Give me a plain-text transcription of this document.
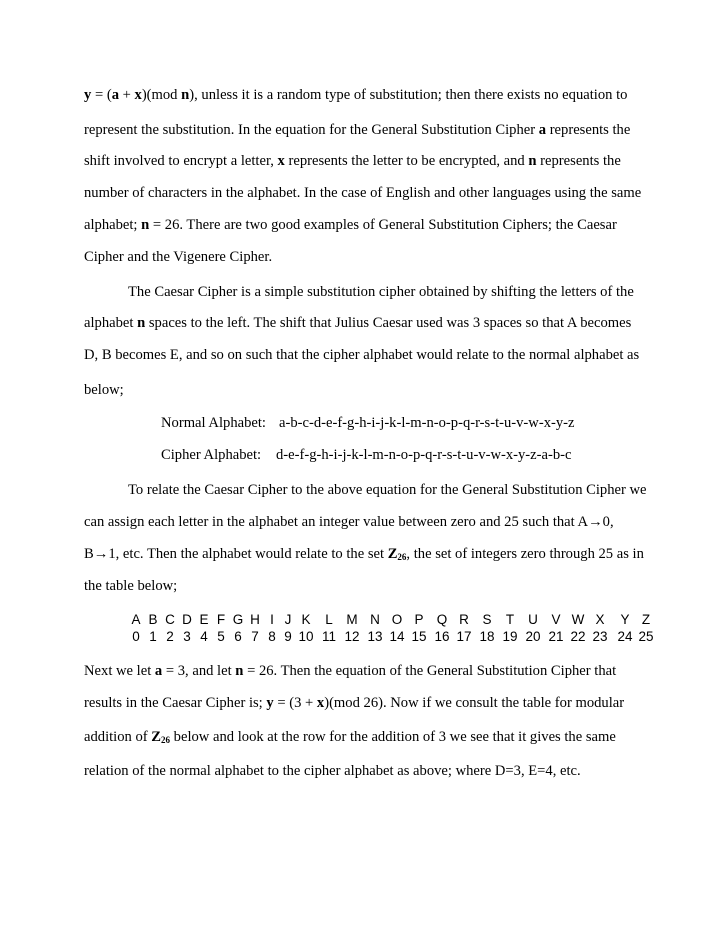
y = (a + x)(mod n), unless it is a random type of substitution; then there exists no equation to
represent the substitution. In the equation for the General Substitution Cipher a represents the
shift involved to encrypt a letter, x represents the letter to be encrypted, and n represents the
number of characters in the alphabet. In the case of English and other languages using the same
alphabet; n = 26. There are two good examples of General Substitution Ciphers; the Caesar
Cipher and the Vigenere Cipher.
The Caesar Cipher is a simple substitution cipher obtained by shifting the letters of the
alphabet n spaces to the left. The shift that Julius Caesar used was 3 spaces so that A becomes
D, B becomes E, and so on such that the cipher alphabet would relate to the normal alphabet as
below;
Normal Alphabet: a-b-c-d-e-f-g-h-i-j-k-l-m-n-o-p-q-r-s-t-u-v-w-x-y-z
Cipher Alphabet: d-e-f-g-h-i-j-k-l-m-n-o-p-q-r-s-t-u-v-w-x-y-z-a-b-c
To relate the Caesar Cipher to the above equation for the General Substitution Cipher we
can assign each letter in the alphabet an integer value between zero and 25 such that A→0,
B→1, etc. Then the alphabet would relate to the set $Z_{26}$, the set of integers zero through 25 as in
the table below;
A B C D E F G H I J K L M N O P Q R S T U V W X Y Z
0 1 2 3 4 5 6 7 8 9 10 11 12 13 14 15 16 17 18 19 20 21 22 23 24 25
Next we let a = 3, and let n = 26. Then the equation of the General Substitution Cipher that
results in the Caesar Cipher is; y = (3 + x)(mod 26). Now if we consult the table for modular
addition of $Z_{26}$ below and look at the row for the addition of 3 we see that it gives the same
relation of the normal alphabet to the cipher alphabet as above; where D=3, E=4, etc.
